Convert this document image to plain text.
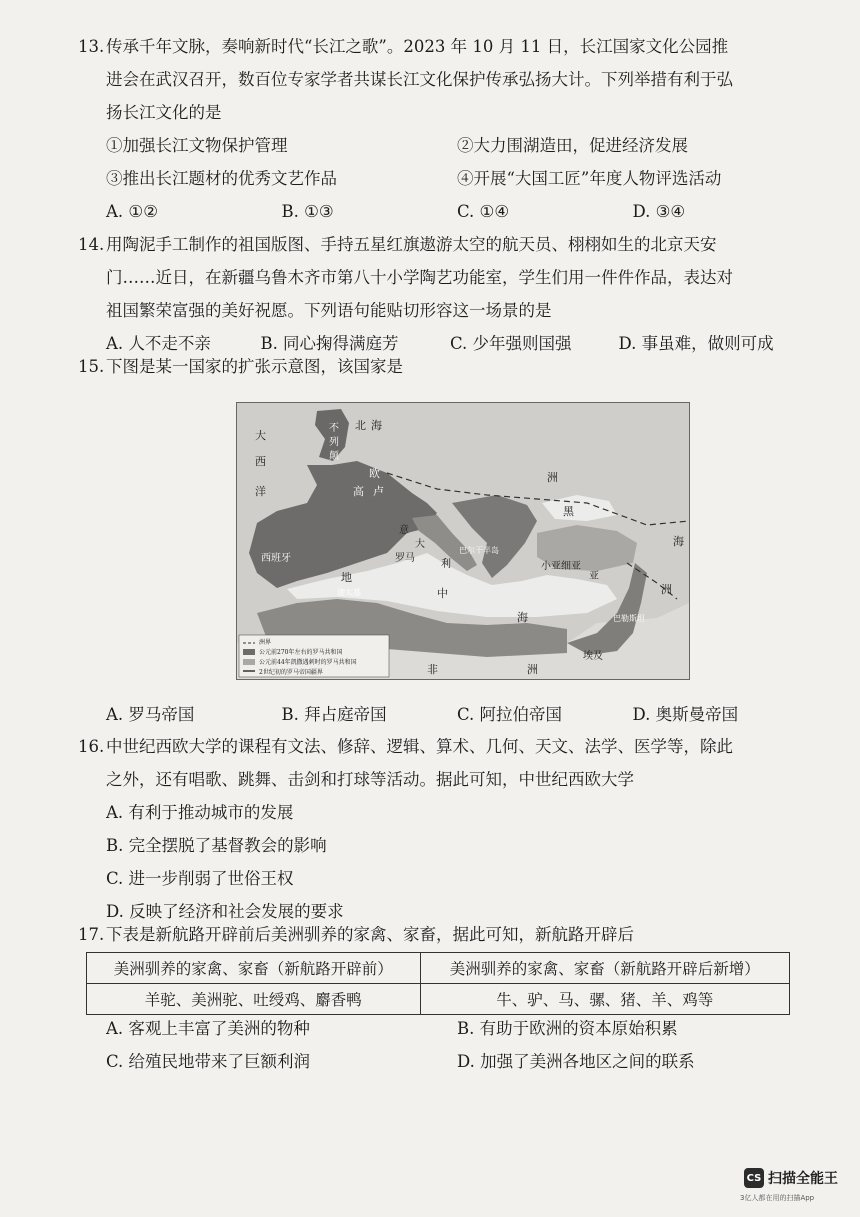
13. 传承千年文脉，奏响新时代“长江之歌”。2023 年 10 月 11 日，长江国家文化公园推
进会在武汉召开，数百位专家学者共谋长江文化保护传承弘扬大计。下列举措有利于弘
扬长江文化的是

①加强长江文物保护管理	②大力围湖造田，促进经济发展
③推出长江题材的优秀文艺作品	④开展“大国工匠”年度人物评选活动
A. ①②	B. ①③	C. ①④	D. ③④
14. 用陶泥手工制作的祖国版图、手持五星红旗遨游太空的航天员、栩栩如生的北京天安
门……近日，在新疆乌鲁木齐市第八十小学陶艺功能室，学生们用一件件作品，表达对
祖国繁荣富强的美好祝愿。下列语句能贴切形容这一场景的是

A. 人不走不亲	B. 同心掬得满庭芳	C. 少年强则国强	D. 事虽难，做则可成
15. 下图是某一国家的扩张示意图，该国家是

大
西
洋
不
列
颠
北 海
欧	洲
高 卢
黑
海
西班牙
意
大
罗马
利
巴尔干半岛
小亚细亚
亚
地
迦太基	中
海
洲
巴勒斯坦
埃及
非	洲
洲界
公元前270年左右的罗马共和国
公元前44年凯撒遇刺时的罗马共和国
2世纪初的罗马帝国疆界
A. 罗马帝国	B. 拜占庭帝国	C. 阿拉伯帝国	D. 奥斯曼帝国
16. 中世纪西欧大学的课程有文法、修辞、逻辑、算术、几何、天文、法学、医学等，除此
之外，还有唱歌、跳舞、击剑和打球等活动。据此可知，中世纪西欧大学

A. 有利于推动城市的发展
B. 完全摆脱了基督教会的影响
C. 进一步削弱了世俗王权
D. 反映了经济和社会发展的要求
17. 下表是新航路开辟前后美洲驯养的家禽、家畜，据此可知，新航路开辟后

美洲驯养的家禽、家畜（新航路开辟前）	美洲驯养的家禽、家畜（新航路开辟后新增）
羊驼、美洲驼、吐绶鸡、麝香鸭	牛、驴、马、骡、猪、羊、鸡等
A. 客观上丰富了美洲的物种	B. 有助于欧洲的资本原始积累
C. 给殖民地带来了巨额利润	D. 加强了美洲各地区之间的联系
CS 扫描全能王
3亿人都在用的扫描App
